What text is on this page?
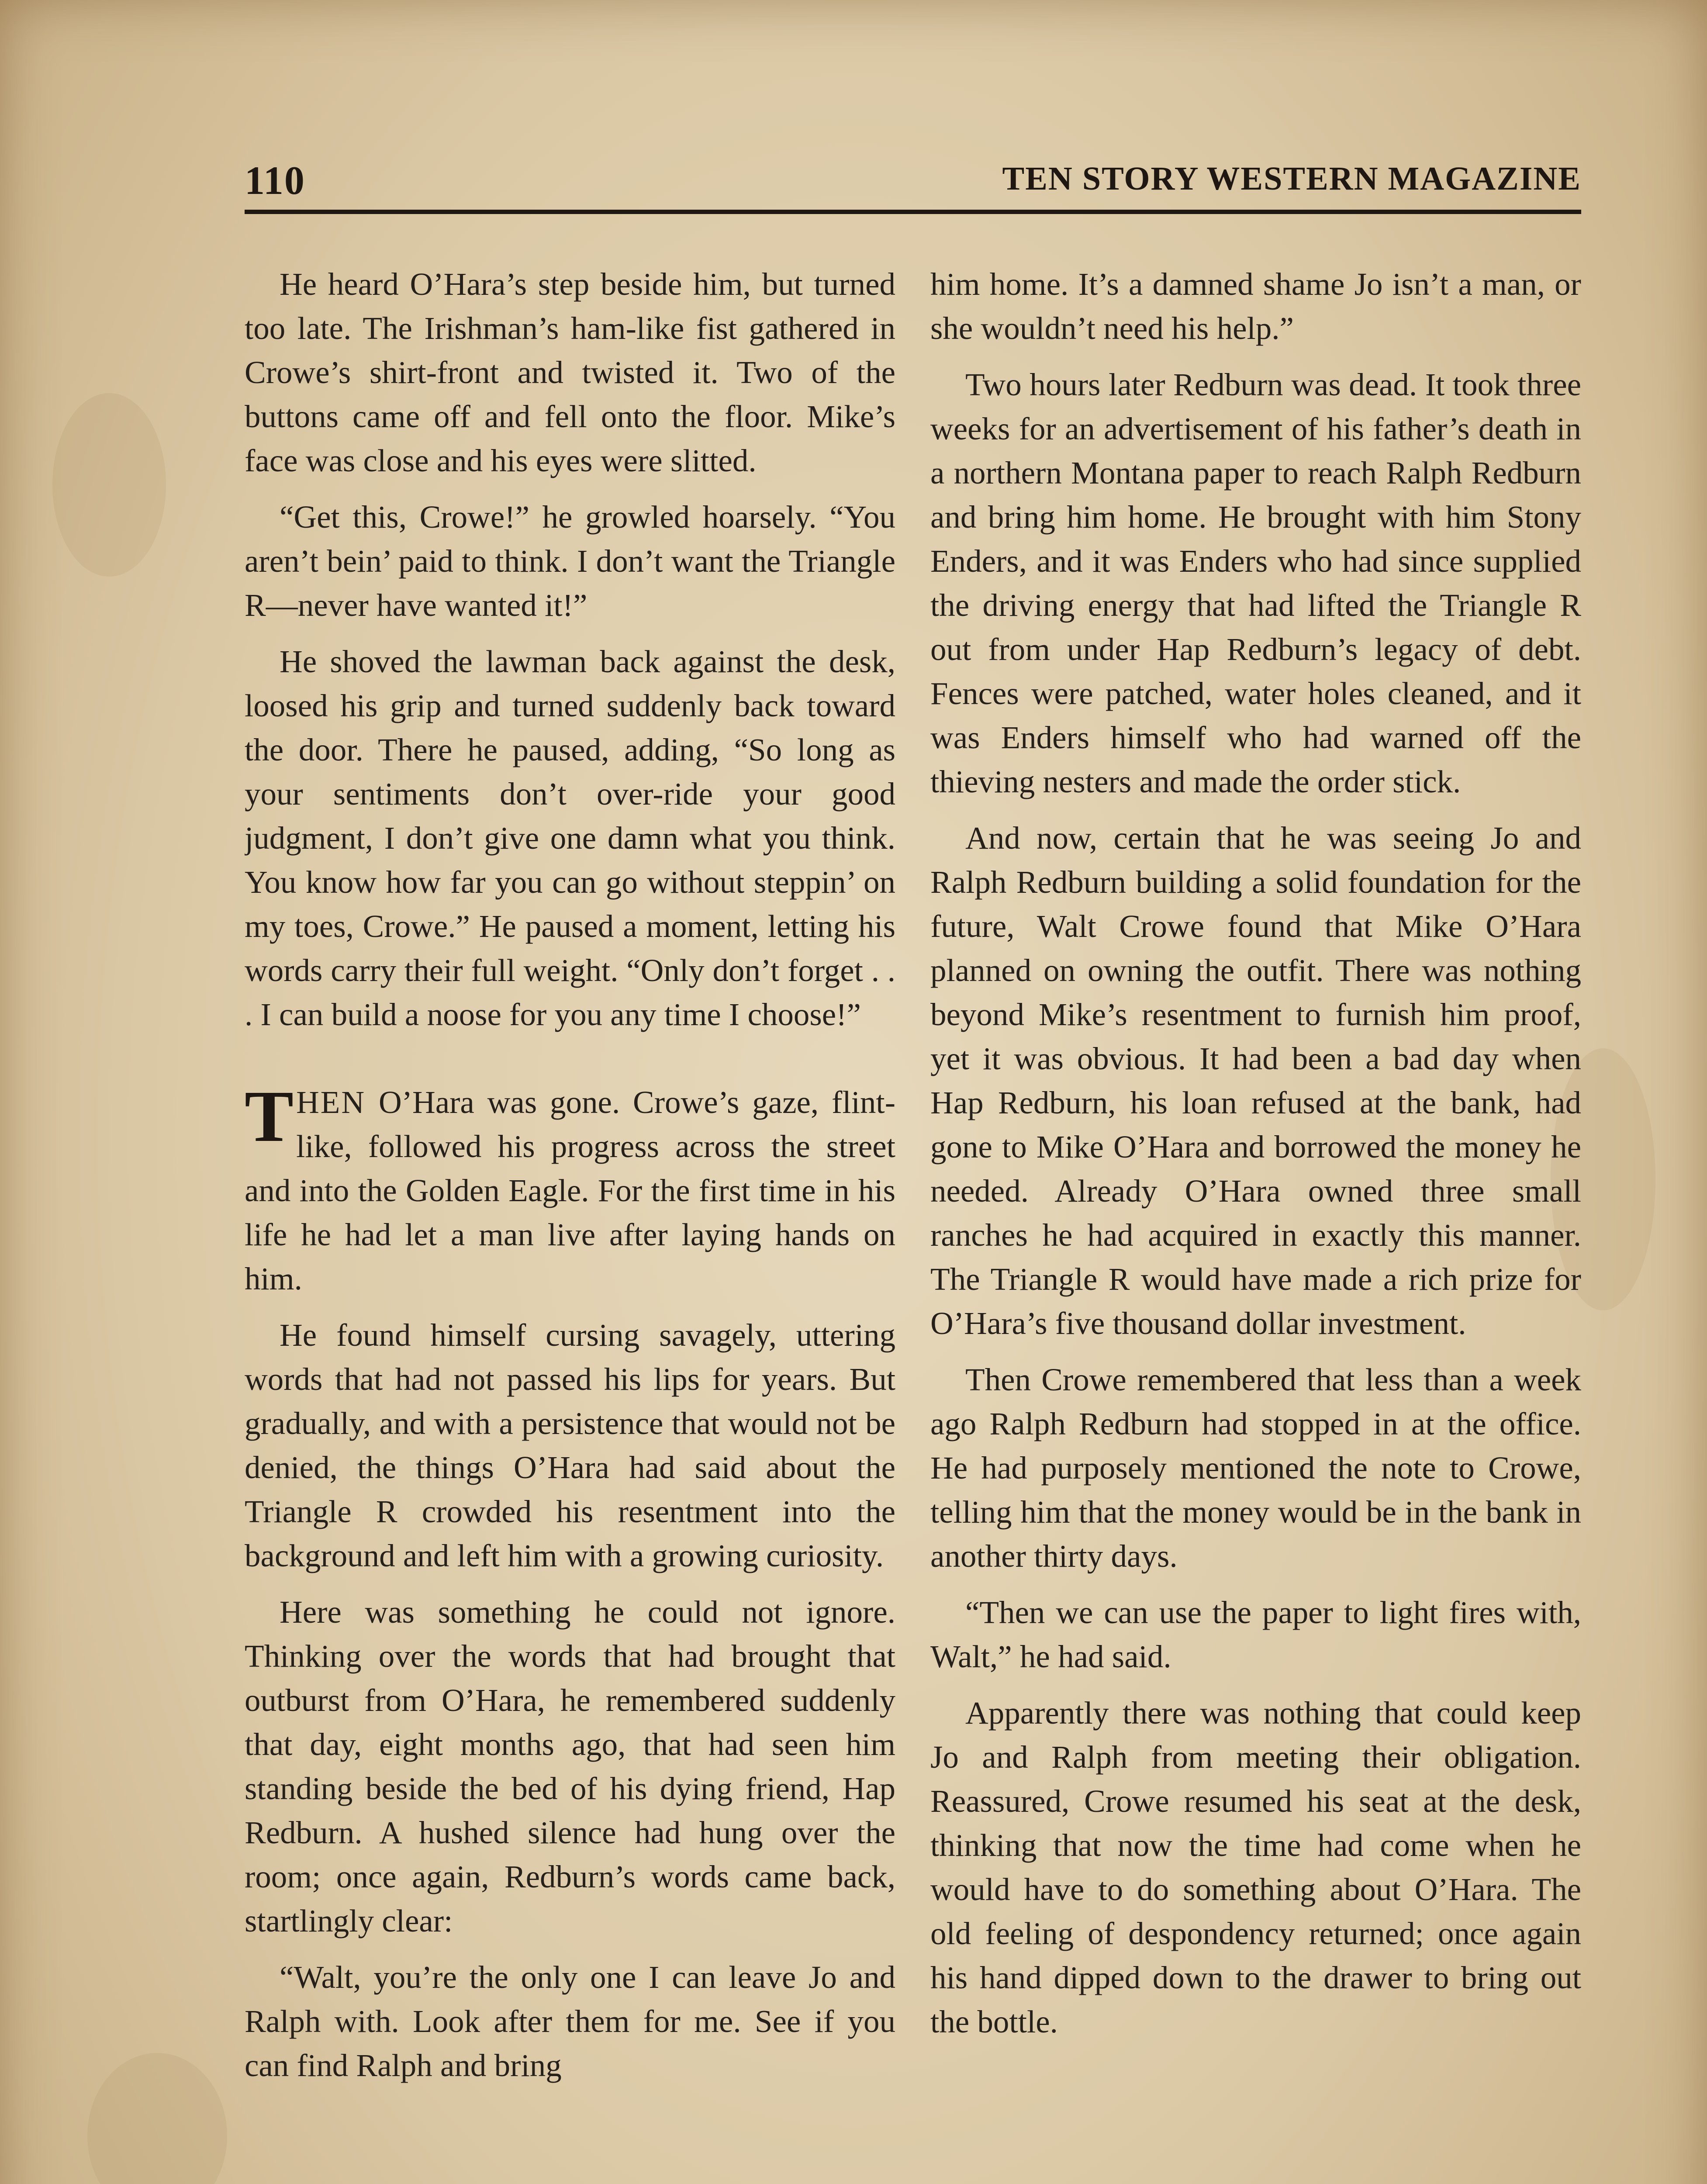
110	TEN STORY WESTERN MAGAZINE

He heard O’Hara’s step beside him, but turned too late. The Irishman’s ham-like fist gathered in Crowe’s shirt-front and twisted it. Two of the buttons came off and fell onto the floor. Mike’s face was close and his eyes were slitted.

“Get this, Crowe!” he growled hoarsely. “You aren’t bein’ paid to think. I don’t want the Triangle R—never have wanted it!”

He shoved the lawman back against the desk, loosed his grip and turned suddenly back toward the door. There he paused, adding, “So long as your sentiments don’t over-ride your good judgment, I don’t give one damn what you think. You know how far you can go without steppin’ on my toes, Crowe.” He paused a moment, letting his words carry their full weight. “Only don’t forget . . . I can build a noose for you any time I choose!”

THEN O’Hara was gone. Crowe’s gaze, flint-like, followed his progress across the street and into the Golden Eagle. For the first time in his life he had let a man live after laying hands on him.

He found himself cursing savagely, uttering words that had not passed his lips for years. But gradually, and with a persistence that would not be denied, the things O’Hara had said about the Triangle R crowded his resentment into the background and left him with a growing curiosity.

Here was something he could not ignore. Thinking over the words that had brought that outburst from O’Hara, he remembered suddenly that day, eight months ago, that had seen him standing beside the bed of his dying friend, Hap Redburn. A hushed silence had hung over the room; once again, Redburn’s words came back, startlingly clear:

“Walt, you’re the only one I can leave Jo and Ralph with. Look after them for me. See if you can find Ralph and bring

him home. It’s a damned shame Jo isn’t a man, or she wouldn’t need his help.”

Two hours later Redburn was dead. It took three weeks for an advertisement of his father’s death in a northern Montana paper to reach Ralph Redburn and bring him home. He brought with him Stony Enders, and it was Enders who had since supplied the driving energy that had lifted the Triangle R out from under Hap Redburn’s legacy of debt. Fences were patched, water holes cleaned, and it was Enders himself who had warned off the thieving nesters and made the order stick.

And now, certain that he was seeing Jo and Ralph Redburn building a solid foundation for the future, Walt Crowe found that Mike O’Hara planned on owning the outfit. There was nothing beyond Mike’s resentment to furnish him proof, yet it was obvious. It had been a bad day when Hap Redburn, his loan refused at the bank, had gone to Mike O’Hara and borrowed the money he needed. Already O’Hara owned three small ranches he had acquired in exactly this manner. The Triangle R would have made a rich prize for O’Hara’s five thousand dollar investment.

Then Crowe remembered that less than a week ago Ralph Redburn had stopped in at the office. He had purposely mentioned the note to Crowe, telling him that the money would be in the bank in another thirty days.

“Then we can use the paper to light fires with, Walt,” he had said.

Apparently there was nothing that could keep Jo and Ralph from meeting their obligation. Reassured, Crowe resumed his seat at the desk, thinking that now the time had come when he would have to do something about O’Hara. The old feeling of despondency returned; once again his hand dipped down to the drawer to bring out the bottle.
